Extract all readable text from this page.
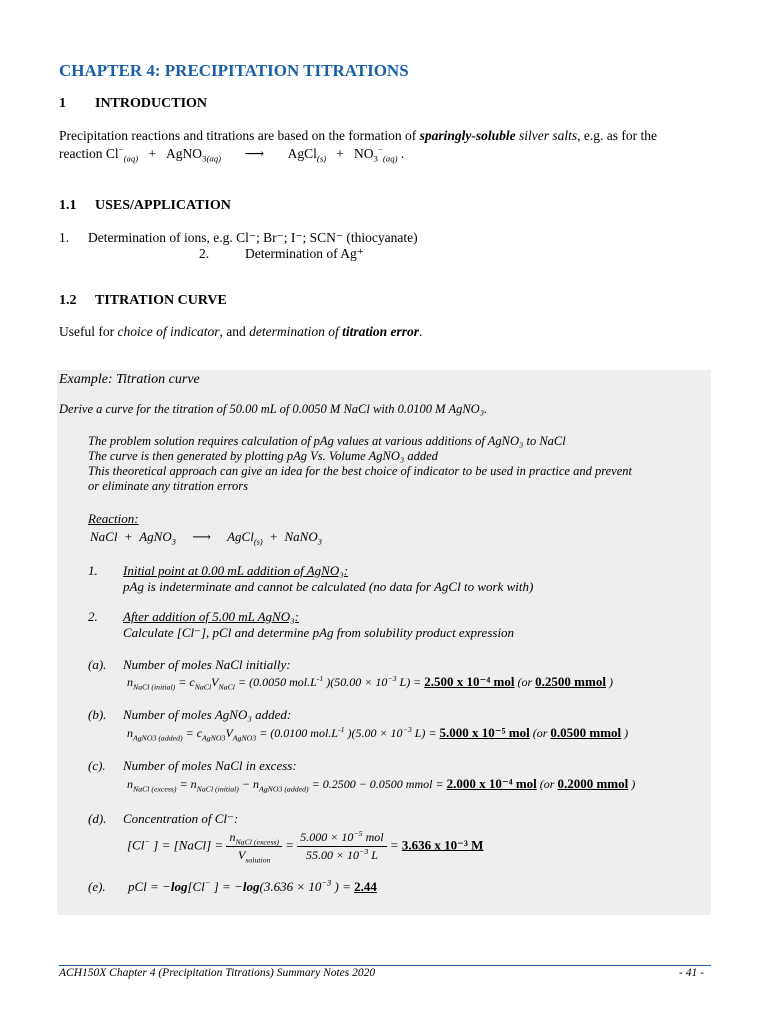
CHAPTER 4: PRECIPITATION TITRATIONS
1 INTRODUCTION
Precipitation reactions and titrations are based on the formation of sparingly-soluble silver salts, e.g. as for the
reaction $Cl^-_{(aq)}$   +   AgNO$_{3(aq)}$       ⟶       AgCl$_{(s)}$   +   $NO_3^-_{(aq)}$ .
1.1 USES/APPLICATION
1. Determination of ions, e.g. Cl⁻; Br⁻; I⁻; SCN⁻ (thiocyanate)
2.	Determination of Ag⁺
1.2 TITRATION CURVE
Useful for choice of indicator, and determination of titration error.
Example: Titration curve
Derive a curve for the titration of 50.00 mL of 0.0050 M NaCl with 0.0100 M AgNO₃.
The problem solution requires calculation of pAg values at various additions of AgNO₃ to NaCl
The curve is then generated by plotting pAg Vs. Volume AgNO₃ added
This theoretical approach can give an idea for the best choice of indicator to be used in practice and prevent
or eliminate any titration errors
Reaction:
NaCl  +  AgNO$_3$     ⟶     AgCl$_{(s)}$  +  NaNO$_3$
1. Initial point at 0.00 mL addition of AgNO₃:
pAg is indeterminate and cannot be calculated (no data for AgCl to work with)
2. After addition of 5.00 mL AgNO₃:
Calculate [Cl⁻], pCl and determine pAg from solubility product expression
(a). Number of moles NaCl initially:
$n_{NaCl (initial)} = c_{NaCl}V_{NaCl} = (0.0050$ $mol.L^{-1}$ )($50.00 \times 10^{-3}$ L) = 2.500 x 10⁻⁴ mol (or 0.2500 mmol )
(b). Number of moles AgNO₃ added:
$n_{AgNO3 (added)} = c_{AgNO3}V_{AgNO3} = (0.0100$ $mol.L^{-1}$ )($5.00 \times 10^{-3}$ L) = 5.000 x 10⁻⁵ mol (or 0.0500 mmol )
(c). Number of moles NaCl in excess:
$n_{NaCl (excess)} = n_{NaCl (initial)} - n_{AgNO3 (added)} = 0.2500 - 0.0500$ mmol = 2.000 x 10⁻⁴ mol (or 0.2000 mmol )
(d). Concentration of Cl⁻:
[Cl− ] = [NaCl] = $\frac{n_{NaCl (excess)}}{V_{solution}} = \frac{5.000 \times 10^{-5} mol}{55.00 \times 10^{-3} L} = 3.636$ x 10⁻³ M
(e). pCl = −log[Cl− ] = $-\log(3.636 \times 10^{-3}$ ) = 2.44
ACH150X Chapter 4 (Precipitation Titrations) Summary Notes 2020	- 41 -
